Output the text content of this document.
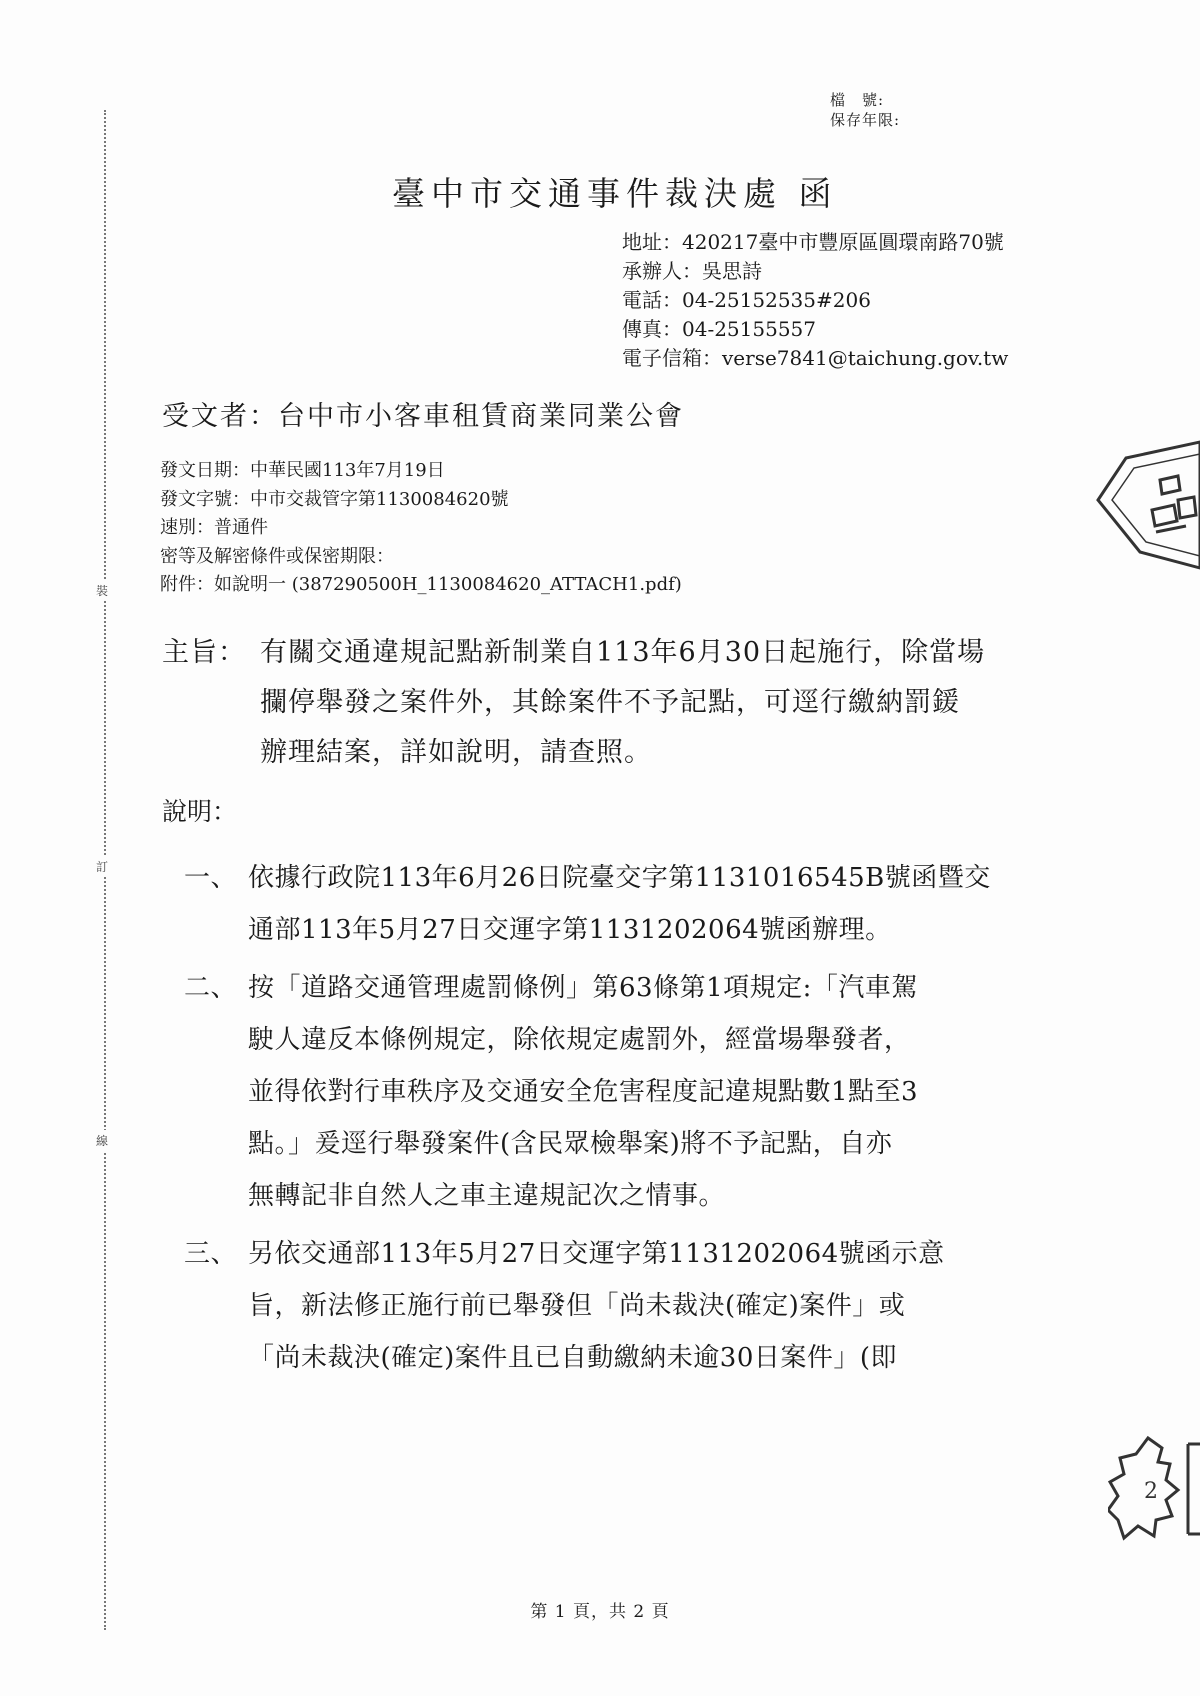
裝
訂
線
檔　號:
保存年限:
臺中市交通事件裁決處 函
地址：420217臺中市豐原區圓環南路70號
承辦人：吳思詩
電話：04-25152535#206
傳真：04-25155557
電子信箱：verse7841@taichung.gov.tw
受文者：台中市小客車租賃商業同業公會
發文日期：中華民國113年7月19日
發文字號：中市交裁管字第1130084620號
速別：普通件
密等及解密條件或保密期限：
附件：如說明一 (387290500H_1130084620_ATTACH1.pdf)
主旨： 有關交通違規記點新制業自113年6月30日起施行，除當場
攔停舉發之案件外，其餘案件不予記點，可逕行繳納罰鍰
辦理結案，詳如說明，請查照。
說明：
一、 依據行政院113年6月26日院臺交字第1131016545B號函暨交
通部113年5月27日交運字第1131202064號函辦理。
二、 按「道路交通管理處罰條例」第63條第1項規定:「汽車駕
駛人違反本條例規定，除依規定處罰外，經當場舉發者，
並得依對行車秩序及交通安全危害程度記違規點數1點至3
點。」爰逕行舉發案件(含民眾檢舉案)將不予記點，自亦
無轉記非自然人之車主違規記次之情事。
三、 另依交通部113年5月27日交運字第1131202064號函示意
旨，新法修正施行前已舉發但「尚未裁決(確定)案件」或
「尚未裁決(確定)案件且已自動繳納未逾30日案件」(即
2
第 1 頁，共 2 頁
